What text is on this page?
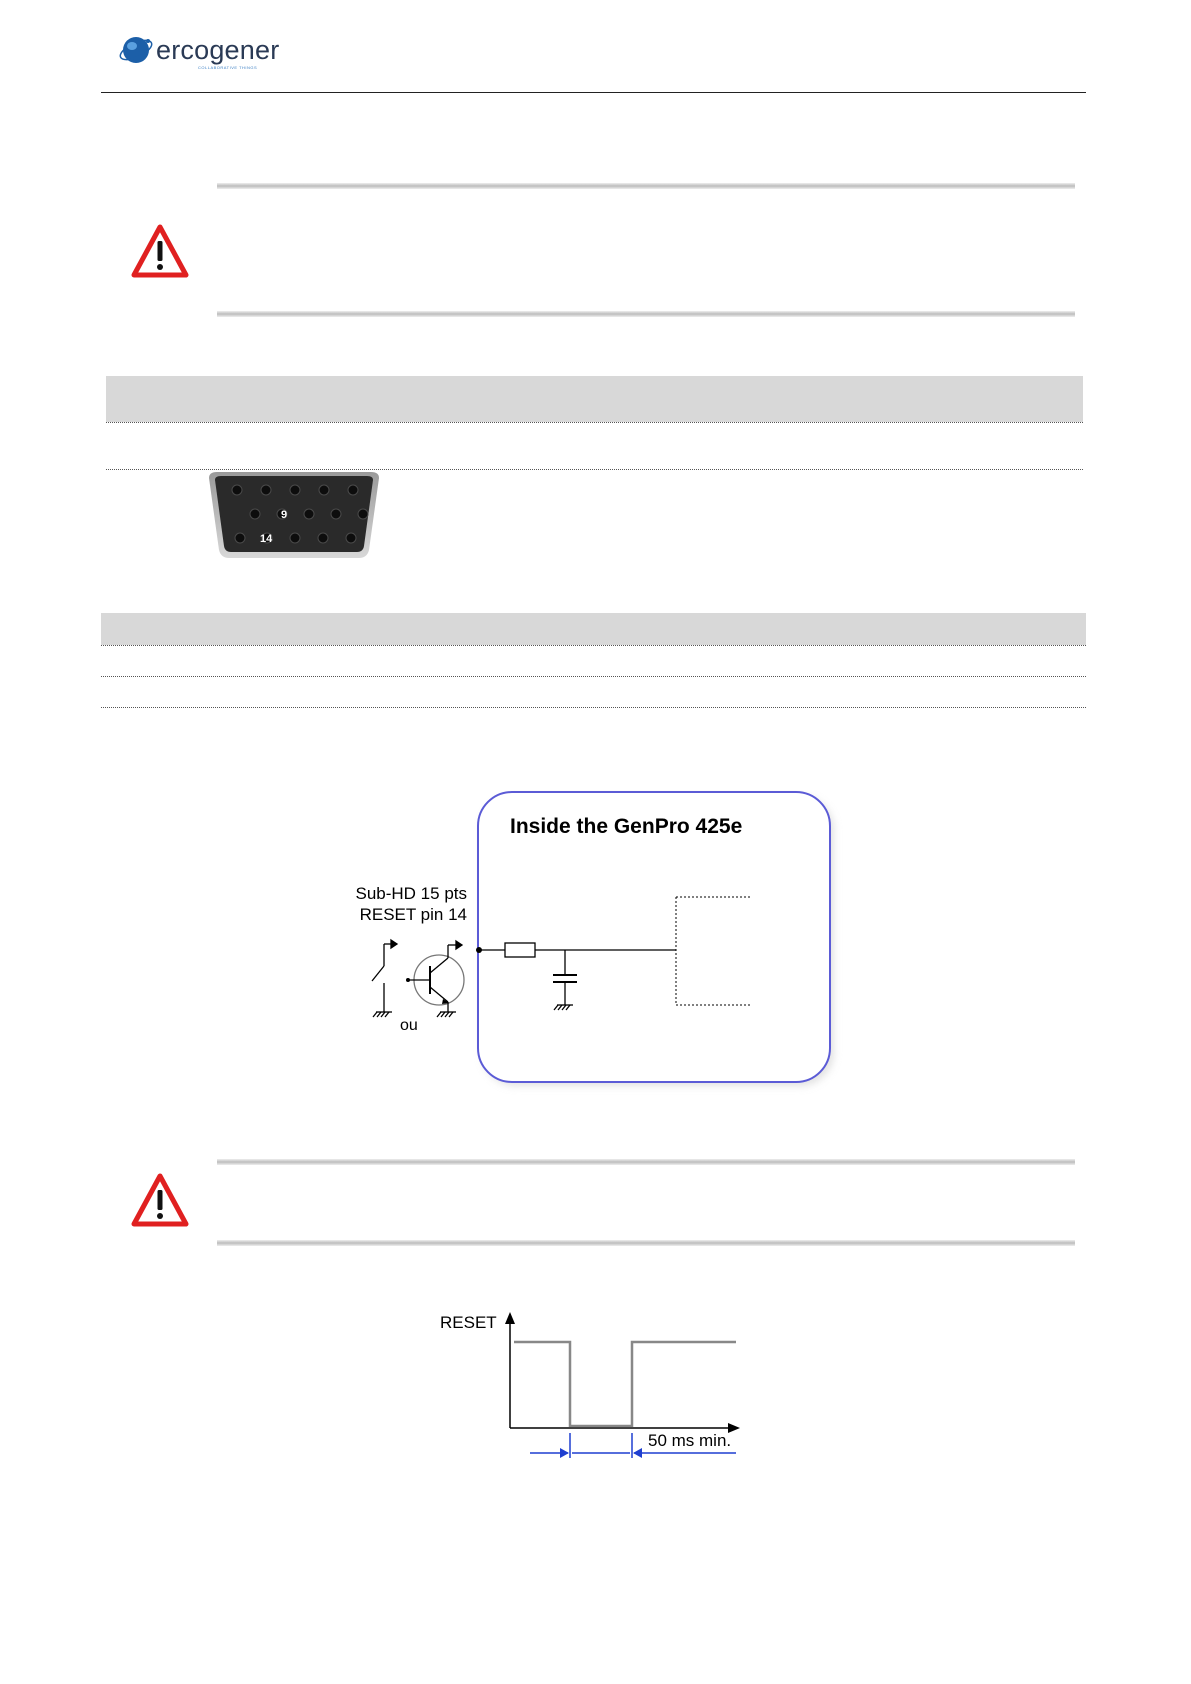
ercogener
COLLABORATIVE THINGS
9
14
Inside the GenPro 425e
Sub-HD 15 pts
RESET pin 14
ou
RESET
50 ms min.
